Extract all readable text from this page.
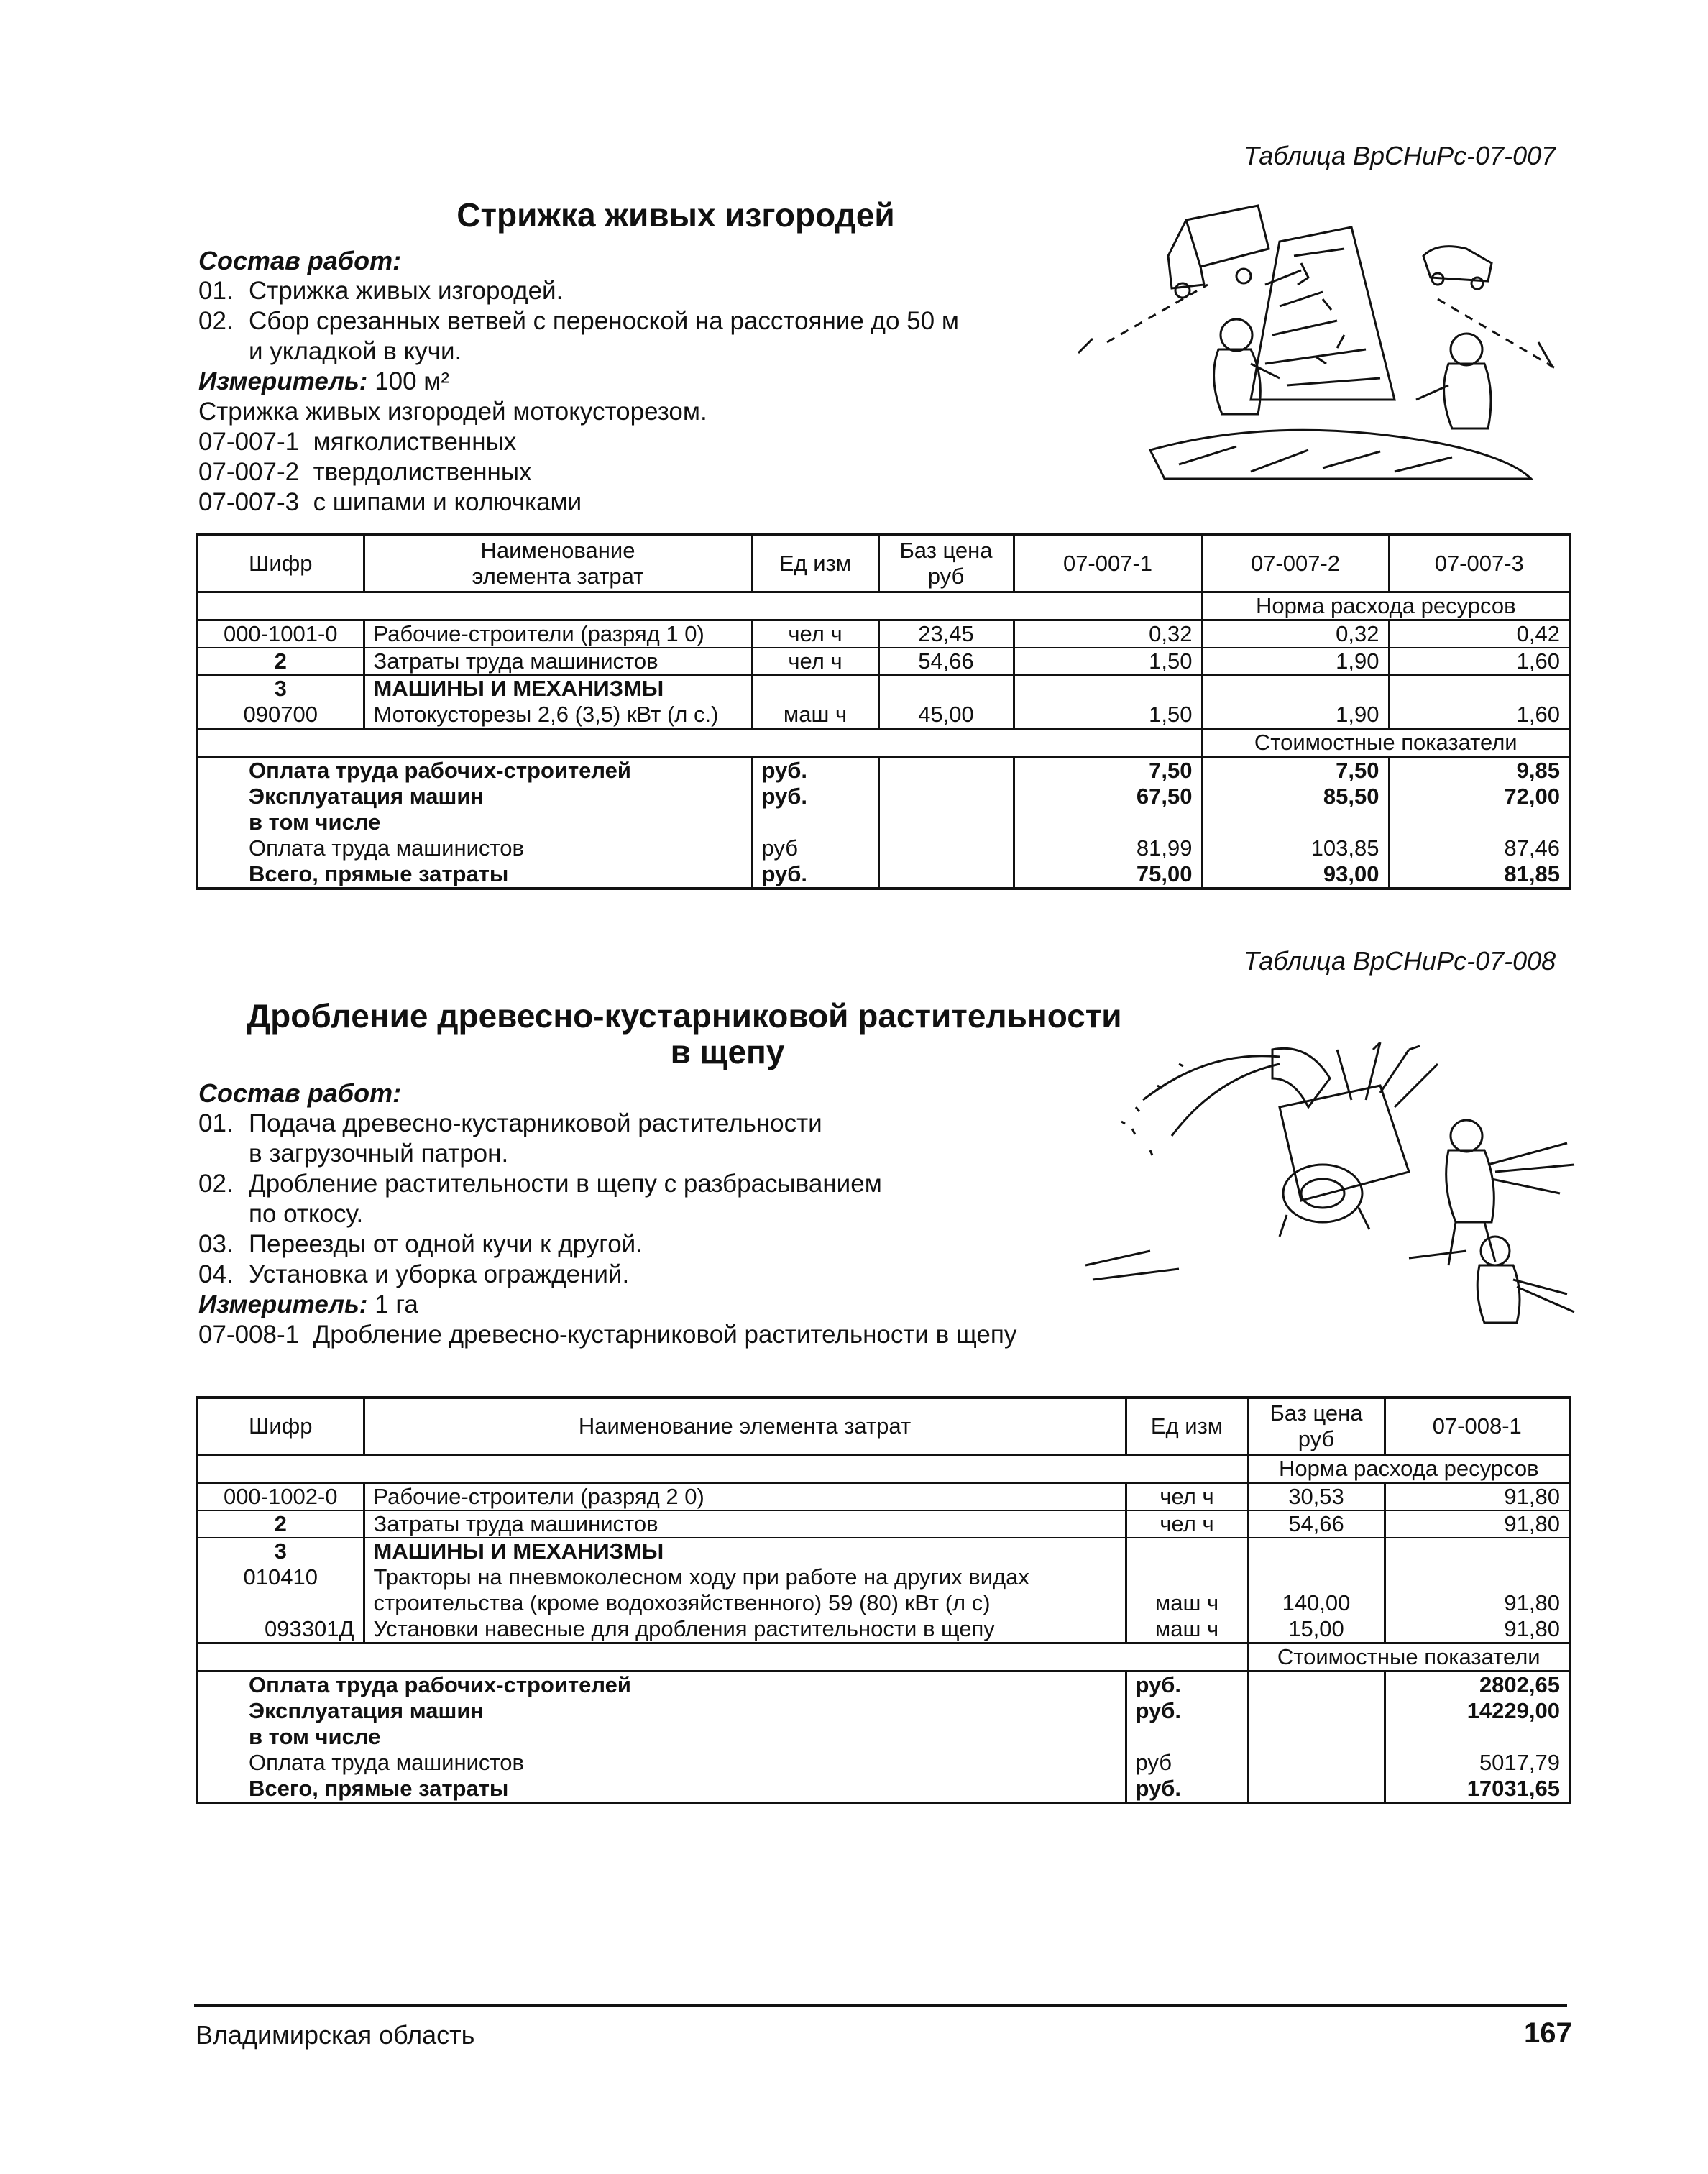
Таблица ВрСНиРс-07-007
Стрижка живых изгородей
Состав работ:
01. Стрижка живых изгородей.
02. Сбор срезанных ветвей с переноской на расстояние до 50 м
и укладкой в кучи.
Измеритель: 100 м²
Стрижка живых изгородей мотокусторезом.
07-007-1 мягколиственных
07-007-2 твердолиственных
07-007-3 с шипами и колючками
Шифр	Наименование элемента затрат	Ед изм	Баз цена руб	07-007-1	07-007-2	07-007-3
					Норма расхода ресурсов	
000-1001-0	Рабочие-строители (разряд 1 0)	чел ч	23,45	0,32	0,32	0,42
2	Затраты труда машинистов	чел ч	54,66	1,50	1,90	1,60
3	МАШИНЫ И МЕХАНИЗМЫ					
090700	Мотокусторезы 2,6 (3,5) кВт (л с.)	маш ч	45,00	1,50	1,90	1,60
					Стоимостные показатели	
Оплата труда рабочих-строителей		руб.		7,50	7,50	9,85
Эксплуатация машин		руб.		67,50	85,50	72,00
в том числе						
Оплата труда машинистов		руб		81,99	103,85	87,46
Всего, прямые затраты		руб.		75,00	93,00	81,85
Таблица ВрСНиРс-07-008
Дробление древесно-кустарниковой растительности
в щепу
Состав работ:
01. Подача древесно-кустарниковой растительности
в загрузочный патрон.
02. Дробление растительности в щепу с разбрасыванием
по откосу.
03. Переезды от одной кучи к другой.
04. Установка и уборка ограждений.
Измеритель: 1 га
07-008-1 Дробление древесно-кустарниковой растительности в щепу
Шифр	Наименование элемента затрат	Ед изм	Баз цена руб	07-008-1
			Норма расхода ресурсов	
000-1002-0	Рабочие-строители (разряд 2 0)	чел ч	30,53	91,80
2	Затраты труда машинистов	чел ч	54,66	91,80
3	МАШИНЫ И МЕХАНИЗМЫ			
010410	Тракторы на пневмоколесном ходу при работе на других видах	маш ч	140,00	91,80
	строительства (кроме водохозяйственного) 59 (80) кВт (л с)			
093301Д	Установки навесные для дробления растительности в щепу	маш ч	15,00	91,80
			Стоимостные показатели	
Оплата труда рабочих-строителей		руб.		2802,65
Эксплуатация машин		руб.		14229,00
в том числе				
Оплата труда машинистов		руб		5017,79
Всего, прямые затраты		руб.		17031,65
Владимирская область	167
